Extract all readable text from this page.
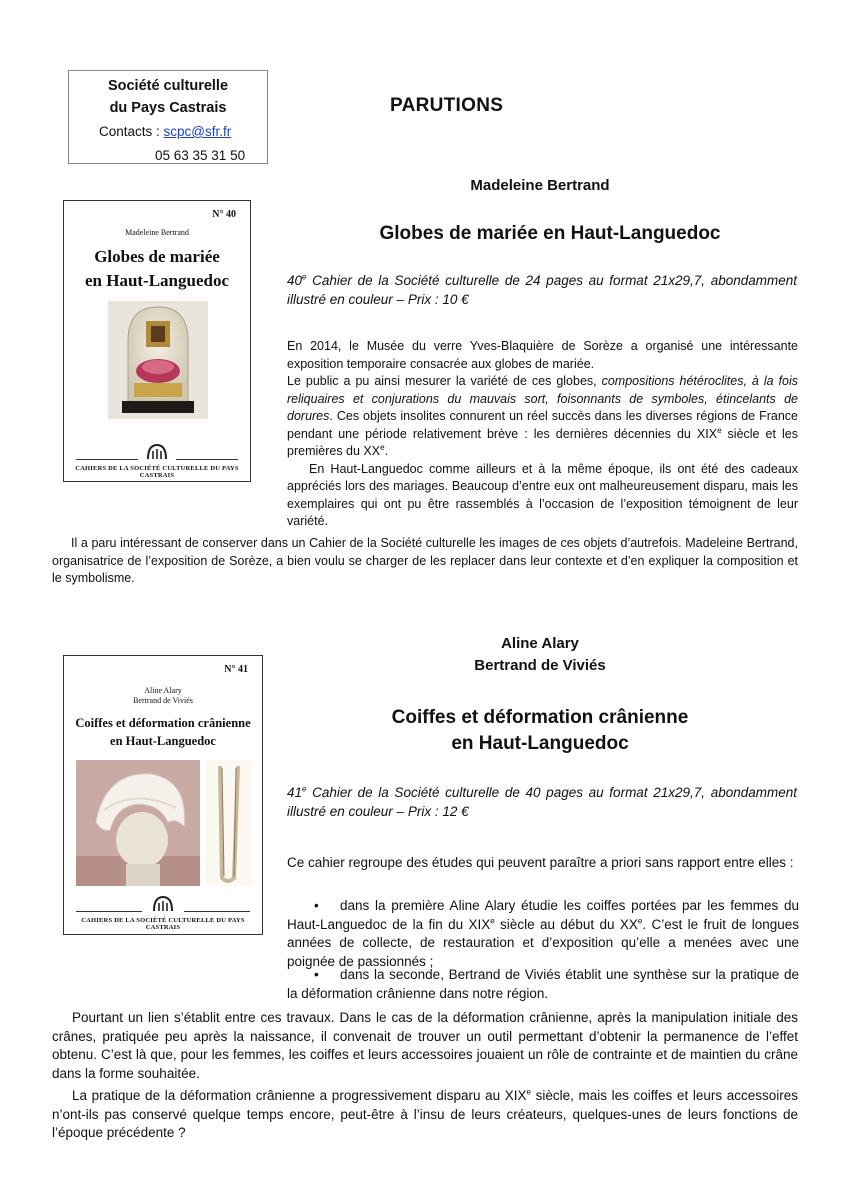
Société culturelle
du Pays Castrais
Contacts : scpc@sfr.fr
05 63 35 31 50
PARUTIONS
N° 40
Madeleine Bertrand
Globes de mariée
en Haut-Languedoc
CAHIERS DE LA SOCIÉTÉ CULTURELLE DU PAYS CASTRAIS
Madeleine Bertrand
Globes de mariée en Haut-Languedoc
40e Cahier de la Société culturelle de 24 pages au format 21x29,7, abondamment illustré en couleur – Prix : 10 €

En 2014, le Musée du verre Yves-Blaquière de Sorèze a organisé une intéressante exposition temporaire consacrée aux globes de mariée.

Le public a pu ainsi mesurer la variété de ces globes, compositions hétéroclites, à la fois reliquaires et conjurations du mauvais sort, foisonnants de symboles, étincelants de dorures. Ces objets insolites connurent un réel succès dans les diverses régions de France pendant une période relativement brève : les dernières décennies du XIXe siècle et les premières du XXe.

En Haut-Languedoc comme ailleurs et à la même époque, ils ont été des cadeaux appréciés lors des mariages. Beaucoup d’entre eux ont malheureusement disparu, mais les exemplaires qui ont pu être rassemblés à l’occasion de l’exposition témoignent de leur variété.

Il a paru intéressant de conserver dans un Cahier de la Société culturelle les images de ces objets d’autrefois. Madeleine Bertrand, organisatrice de l’exposition de Sorèze, a bien voulu se charger de les replacer dans leur contexte et d’en expliquer la composition et le symbolisme.
N° 41
Aline Alary
Bertrand de Viviés
Coiffes et déformation crânienne
en Haut-Languedoc
CAHIERS DE LA SOCIÉTÉ CULTURELLE DU PAYS CASTRAIS
Aline Alary
Bertrand de Viviés
Coiffes et déformation crânienne
en Haut-Languedoc
41e Cahier de la Société culturelle de 40 pages au format 21x29,7, abondamment illustré en couleur – Prix : 12 €
Ce cahier regroupe des études qui peuvent paraître a priori sans rapport entre elles :
• dans la première Aline Alary étudie les coiffes portées par les femmes du Haut-Languedoc de la fin du XIXe siècle au début du XXe. C’est le fruit de longues années de collecte, de restauration et d’exposition qu’elle a menées avec une poignée de passionnés ;
• dans la seconde, Bertrand de Viviés établit une synthèse sur la pratique de la déformation crânienne dans notre région.
Pourtant un lien s’établit entre ces travaux. Dans le cas de la déformation crânienne, après la manipulation initiale des crânes, pratiquée peu après la naissance, il convenait de trouver un outil permettant d’obtenir la permanence de l’effet obtenu. C’est là que, pour les femmes, les coiffes et leurs accessoires jouaient un rôle de contrainte et de maintien du crâne dans la forme souhaitée.
La pratique de la déformation crânienne a progressivement disparu au XIXe siècle, mais les coiffes et leurs accessoires n’ont-ils pas conservé quelque temps encore, peut-être à l’insu de leurs créateurs, quelques-unes de leurs fonctions de l’époque précédente ?
